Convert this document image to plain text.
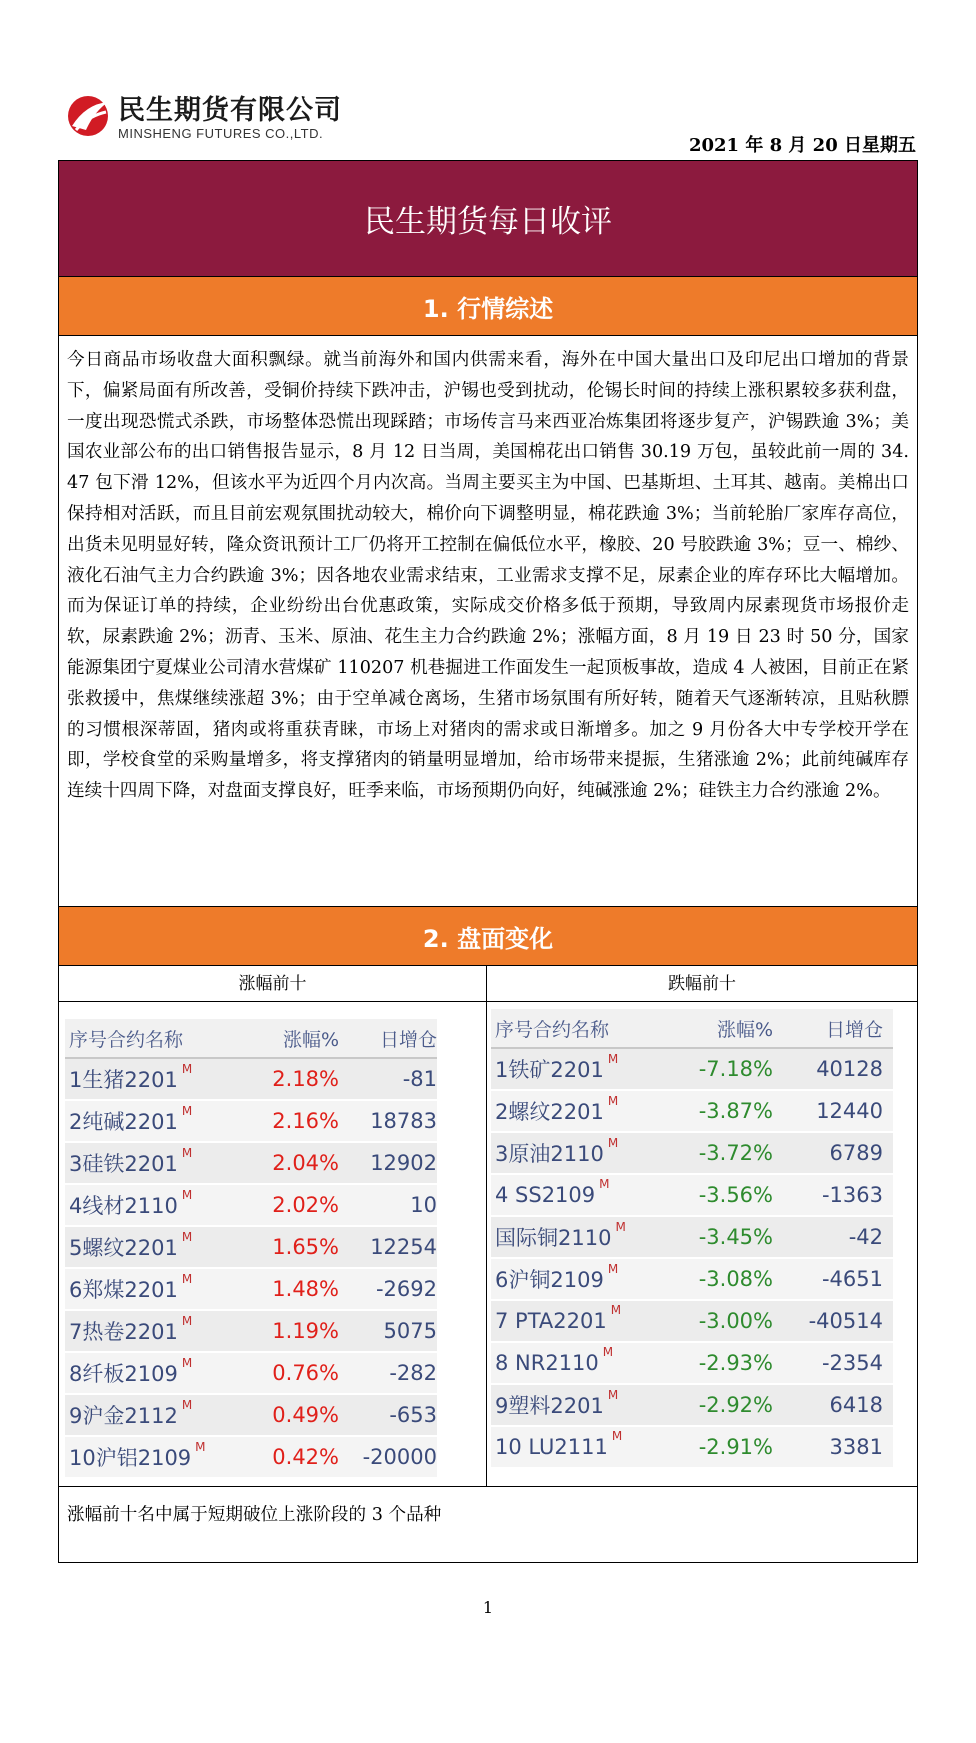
民生期货有限公司
MINSHENG FUTURES CO.,LTD.
2021 年 8 月 20 日星期五
民生期货每日收评
1. 行情综述
今日商品市场收盘大面积飘绿。就当前海外和国内供需来看，海外在中国大量出口及印尼出口增加的背景下，偏紧局面有所改善，受铜价持续下跌冲击，沪锡也受到扰动，伦锡长时间的持续上涨积累较多获利盘，一度出现恐慌式杀跌，市场整体恐慌出现踩踏；市场传言马来西亚冶炼集团将逐步复产，沪锡跌逾 3%；美国农业部公布的出口销售报告显示，8 月 12 日当周，美国棉花出口销售 30.19 万包，虽较此前一周的 34.47 包下滑 12%，但该水平为近四个月内次高。当周主要买主为中国、巴基斯坦、土耳其、越南。美棉出口保持相对活跃，而且目前宏观氛围扰动较大，棉价向下调整明显，棉花跌逾 3%；当前轮胎厂家库存高位，出货未见明显好转，隆众资讯预计工厂仍将开工控制在偏低位水平，橡胶、20 号胶跌逾 3%；豆一、棉纱、液化石油气主力合约跌逾 3%；因各地农业需求结束，工业需求支撑不足，尿素企业的库存环比大幅增加。而为保证订单的持续，企业纷纷出台优惠政策，实际成交价格多低于预期，导致周内尿素现货市场报价走软，尿素跌逾 2%；沥青、玉米、原油、花生主力合约跌逾 2%；涨幅方面，8 月 19 日 23 时 50 分，国家能源集团宁夏煤业公司清水营煤矿 110207 机巷掘进工作面发生一起顶板事故，造成 4 人被困，目前正在紧张救援中，焦煤继续涨超 3%；由于空单减仓离场，生猪市场氛围有所好转，随着天气逐渐转凉，且贴秋膘的习惯根深蒂固，猪肉或将重获青睐，市场上对猪肉的需求或日渐增多。加之 9 月份各大中专学校开学在即，学校食堂的采购量增多，将支撑猪肉的销量明显增加，给市场带来提振，生猪涨逾 2%；此前纯碱库存连续十四周下降，对盘面支撑良好，旺季来临，市场预期仍向好，纯碱涨逾 2%；硅铁主力合约涨逾 2%。
2. 盘面变化
涨幅前十	跌幅前十
序号合约名称	涨幅%	日增仓
1生猪2201 $^M$	2.18%	-81
2纯碱2201 $^M$	2.16%	18783
3硅铁2201 $^M$	2.04%	12902
4线材2110 $^M$	2.02%	10
5螺纹2201 $^M$	1.65%	12254
6郑煤2201 $^M$	1.48%	-2692
7热卷2201 $^M$	1.19%	5075
8纤板2109 $^M$	0.76%	-282
9沪金2112 $^M$	0.49%	-653
10沪铝2109 $^M$	0.42%	-20000
序号合约名称	涨幅%	日增仓
1铁矿2201 $^M$	-7.18%	40128
2螺纹2201 $^M$	-3.87%	12440
3原油2110 $^M$	-3.72%	6789
4 SS2109 $^M$	-3.56%	-1363
国际铜2110 $^M$	-3.45%	-42
6沪铜2109 $^M$	-3.08%	-4651
7 PTA2201 $^M$	-3.00%	-40514
8 NR2110 $^M$	-2.93%	-2354
9塑料2201 $^M$	-2.92%	6418
10 LU2111 $^M$	-2.91%	3381
涨幅前十名中属于短期破位上涨阶段的 3 个品种
1
